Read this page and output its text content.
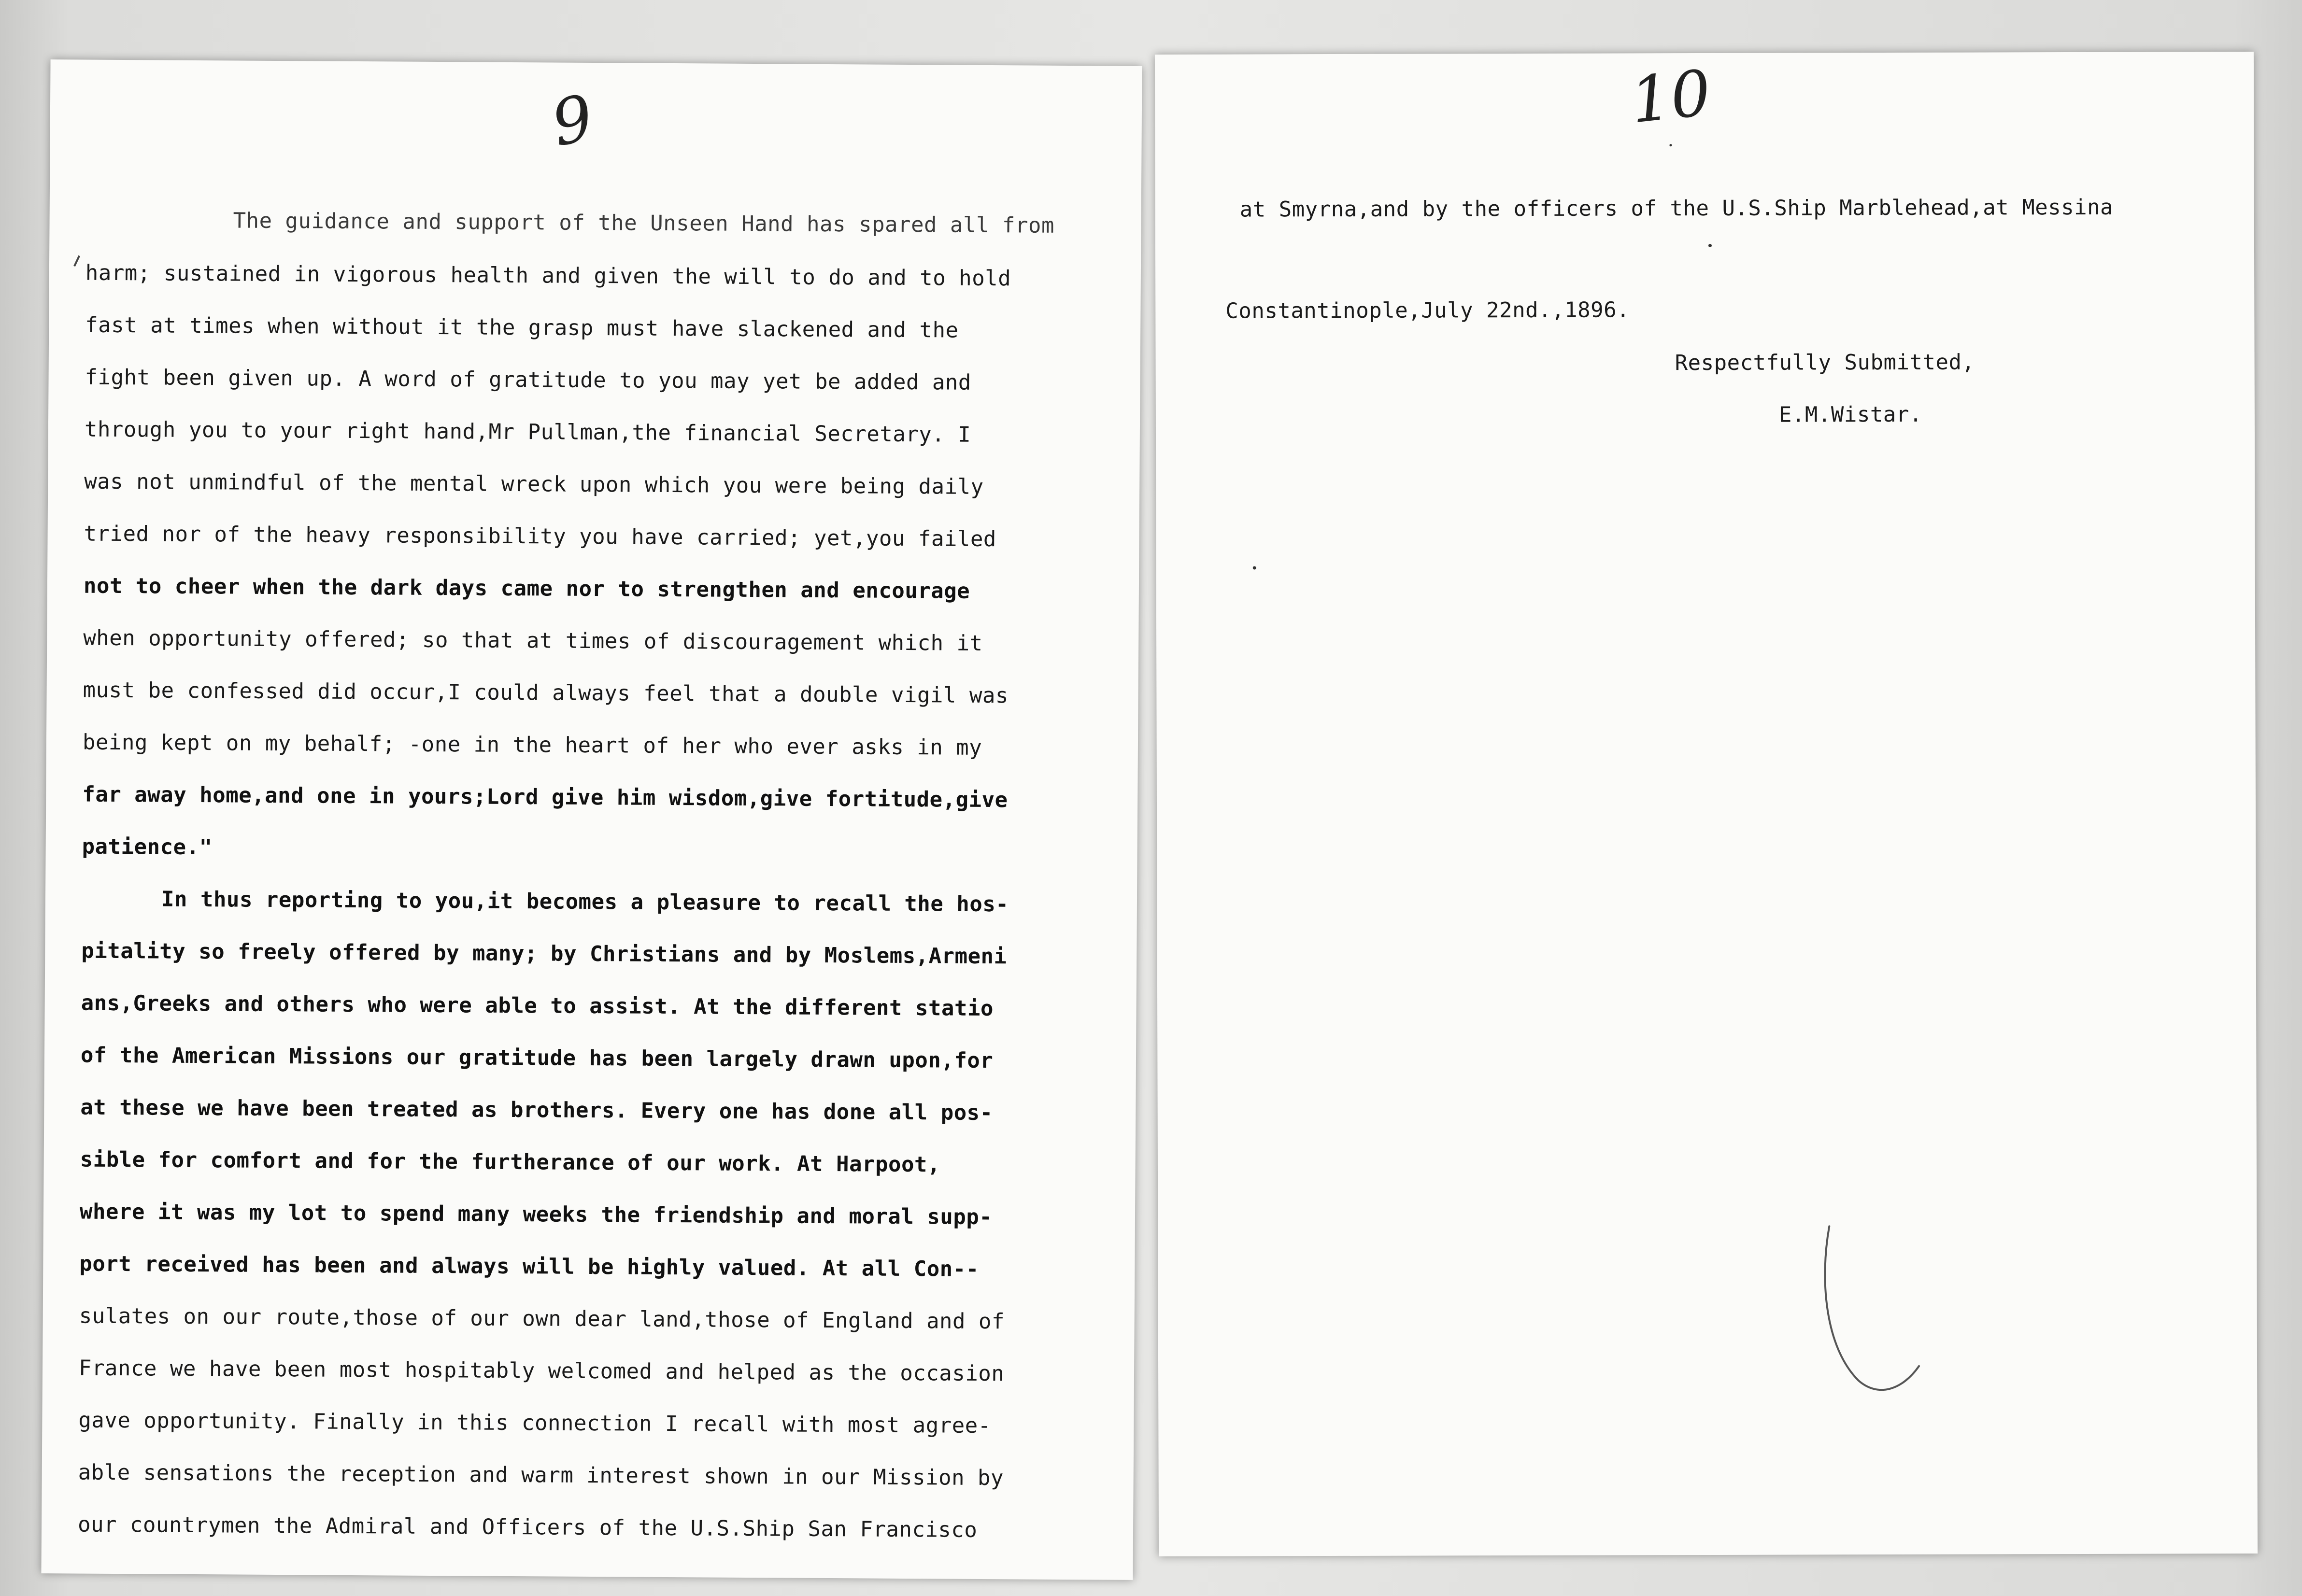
9
The guidance and support of the Unseen Hand has spared all from
harm; sustained in vigorous health and given the will to do and to hold
fast at times when without it the grasp must have slackened and the
fight been given up. A word of gratitude to you may yet be added and
through you to your right hand,Mr Pullman,the financial Secretary. I
was not unmindful of the mental wreck upon which you were being daily
tried nor of the heavy responsibility you have carried; yet,you failed
not to cheer when the dark days came nor to strengthen and encourage
when opportunity offered; so that at times of discouragement which it
must be confessed did occur,I could always feel that a double vigil was
being kept on my behalf; -one in the heart of her who ever asks in my
far away home,and one in yours;Lord give him wisdom,give fortitude,give
patience."
In thus reporting to you,it becomes a pleasure to recall the hos-
pitality so freely offered by many; by Christians and by Moslems,Armeni
ans,Greeks and others who were able to assist. At the different statio
of the American Missions our gratitude has been largely drawn upon,for
at these we have been treated as brothers. Every one has done all pos-
sible for comfort and for the furtherance of our work. At Harpoot,
where it was my lot to spend many weeks the friendship and moral supp-
port received has been and always will be highly valued. At all Con--
sulates on our route,those of our own dear land,those of England and of
France we have been most hospitably welcomed and helped as the occasion
gave opportunity. Finally in this connection I recall with most agree-
able sensations the reception and warm interest shown in our Mission by
our countrymen the Admiral and Officers of the U.S.Ship San Francisco
10
at Smyrna,and by the officers of the U.S.Ship Marblehead,at Messina
Constantinople,July 22nd.,1896.
Respectfully Submitted,
E.M.Wistar.
